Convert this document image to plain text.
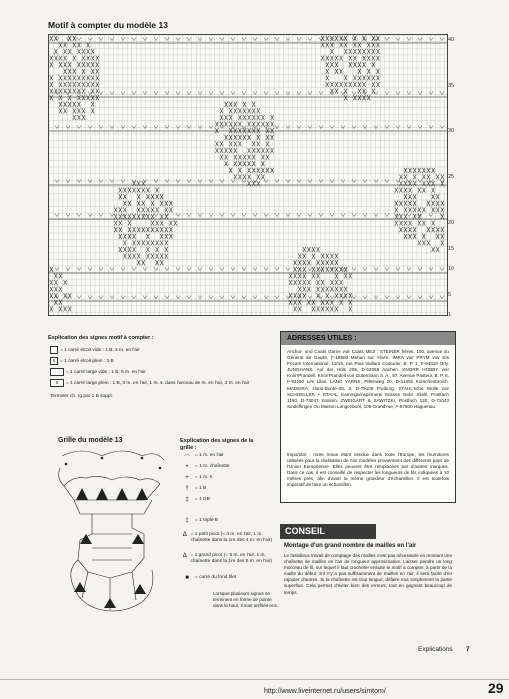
Motif à compter du modèle 13
40
35
30
25
20
15
10
5
1
Explication des signes motif à compter :
= 1 carré étroit vide : 1 B, 2 m. en l'air
x = 1 carré étroit plein : 3 B
= 1 carré large vide : 1 B, 5 m. en l'air
x	= 1 carré large plein : 1 B, 3 m. en l'air, 1 m. s. dans l'arceau de m. en l'air, 3 m. en l'air
Terminer ch. rg par 1 B suppl.
Grille du modèle 13	Explication des signes de la grille :
⌒
= 1 m. en l'air
•	= 1 m. chaînette
+	= 1 m. s.
†	= 1 B
‡	= 1 DB
‡	= 1 triple B
ᐃ = 1 petit picot (= 4 m. en l'air, 1 m. chaînette dans la 1re des 4 m. en l'air)
ᐃ = 1 grand picot (= 5 m. en l'air, 1 m. chaînette dans la 1re des 5 m. en l'air)
■	= carré du fond filet
Lorsque plusieurs signes se terminent en forme de pointe dans le haut, il sont arrêtés ens.
ADRESSES UTILES :
Anchor- und Coats Garne voir Coats MEZ : STEINER frères, 100, avenue du Général de Gaulle, F-18500 Mehun sur Yèvre. IMRA voir PRYM voir Ets Pecam International, 13/15, rue Paul Vaillant Couturier, B. P. 1, F-94310 Orly. JUNGHANS, Auf der Hüls 205, D-52068 Aachen. KNORR HOBBY voir KnorrPrandell. KnorrPrandell voir Gütermann S. A., 57, Avenue Pasteur, B. P. 6, F-93260 Les Lilas. LANG YARNS, Pillenweg 20, D-41352 Korschenbroich. MADEIRA, Hans-Bunte-Str. 3, D-79108 Freiburg. STAHL'sche Wolle voir SCHOELLER + STAHL, Kammgarnspinnerei Süssen Gebr. Stahl, Postfach 1160, D-73047 Süssen. ZWEIGART & SAWITZKI, Postfach 120, D-71043 Sindelfingen Ou Maison Longenbuhl, 105 Grand'rue, F-67500 Haguenau.
Important : notre revue étant vendue dans toute l'Europe, les fournitures utilisées pour la réalisation de nos modèles proviennent des différents pays de l'Union Européenne. Elles peuvent être remplacées par d'autres marques. Dans ce cas, il est conseillé de respecter les longueurs de fils indiquées à 10 mètres près, afin d'avoir la même grandeur d'échantillon. Il est toutefois impératif de faire un échantillon.
CONSEIL
Montage d'un grand nombre de mailles en l'air
Le fastidieux travail de comptage des mailles n'est pas nécessaire en montant une chaînette de mailles en l'air de longueur approximative. Laisser pendre un long morceau de fil, sur lequel il faut crocheter ensuite le motif à compter, à partir de la maille du début. S'il n'y a pas suffisamment de mailles en l'air, il sera facile d'en rajouter d'autres. Si la chaînette est trop longue, défaire tout simplement la partie superflue. Cela permet d'éviter bien des erreurs, tout en gagnant beaucoup de temps.
Explications 7
29
http://www.liveinternet.ru/users/simtom/
